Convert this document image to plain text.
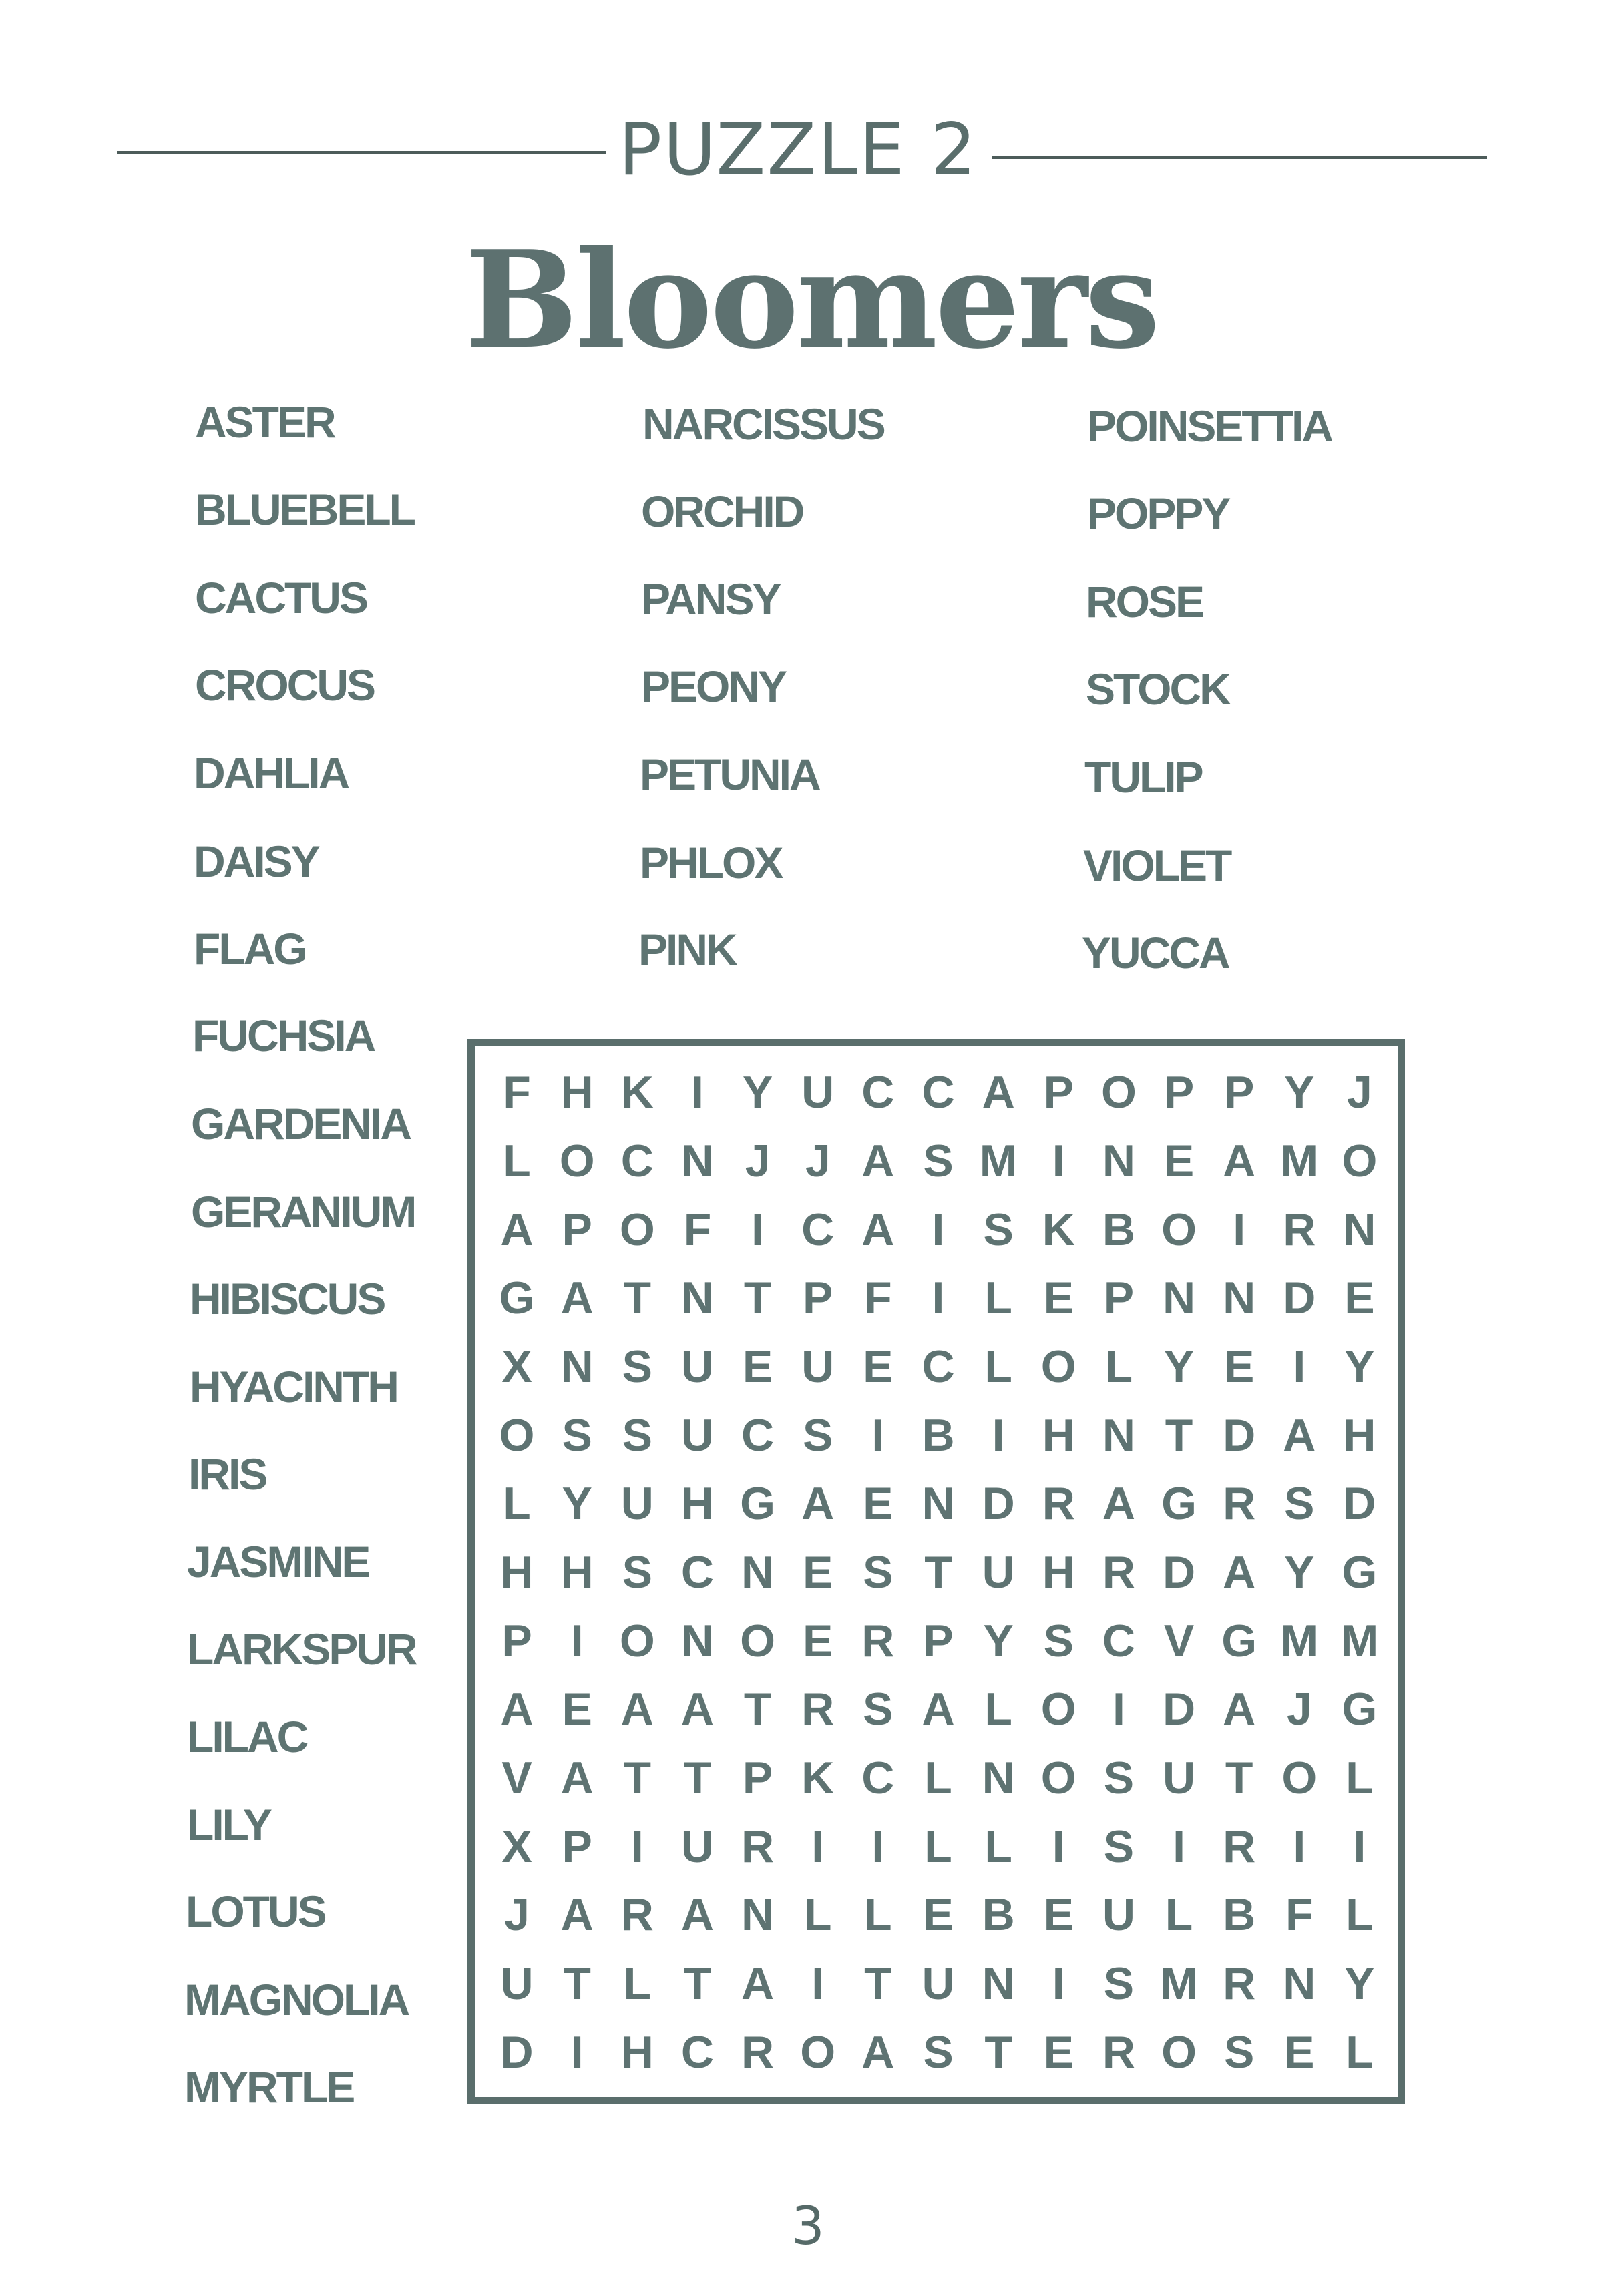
PUZZLE 2
Bloomers
ASTER
BLUEBELL
CACTUS
CROCUS
DAHLIA
DAISY
FLAG
FUCHSIA
GARDENIA
GERANIUM
HIBISCUS
HYACINTH
IRIS
JASMINE
LARKSPUR
LILAC
LILY
LOTUS
MAGNOLIA
MYRTLE
NARCISSUS
ORCHID
PANSY
PEONY
PETUNIA
PHLOX
PINK
POINSETTIA
POPPY
ROSE
STOCK
TULIP
VIOLET
YUCCA
F H K I Y U C C A P O P P Y J
L O C N J J A S M I N E A M O
A P O F I C A I S K B O I R N
G A T N T P F I L E P N N D E
X N S U E U E C L O L Y E I Y
O S S U C S I B I H N T D A H
L Y U H G A E N D R A G R S D
H H S C N E S T U H R D A Y G
P I O N O E R P Y S C V G M M
A E A A T R S A L O I D A J G
V A T T P K C L N O S U T O L
X P I U R I	I L L I S I R I	I
J A R A N L L E B E U L B F L
U T L T A I T U N I S M R N Y
D I H C R O A S T E R O S E L
3
